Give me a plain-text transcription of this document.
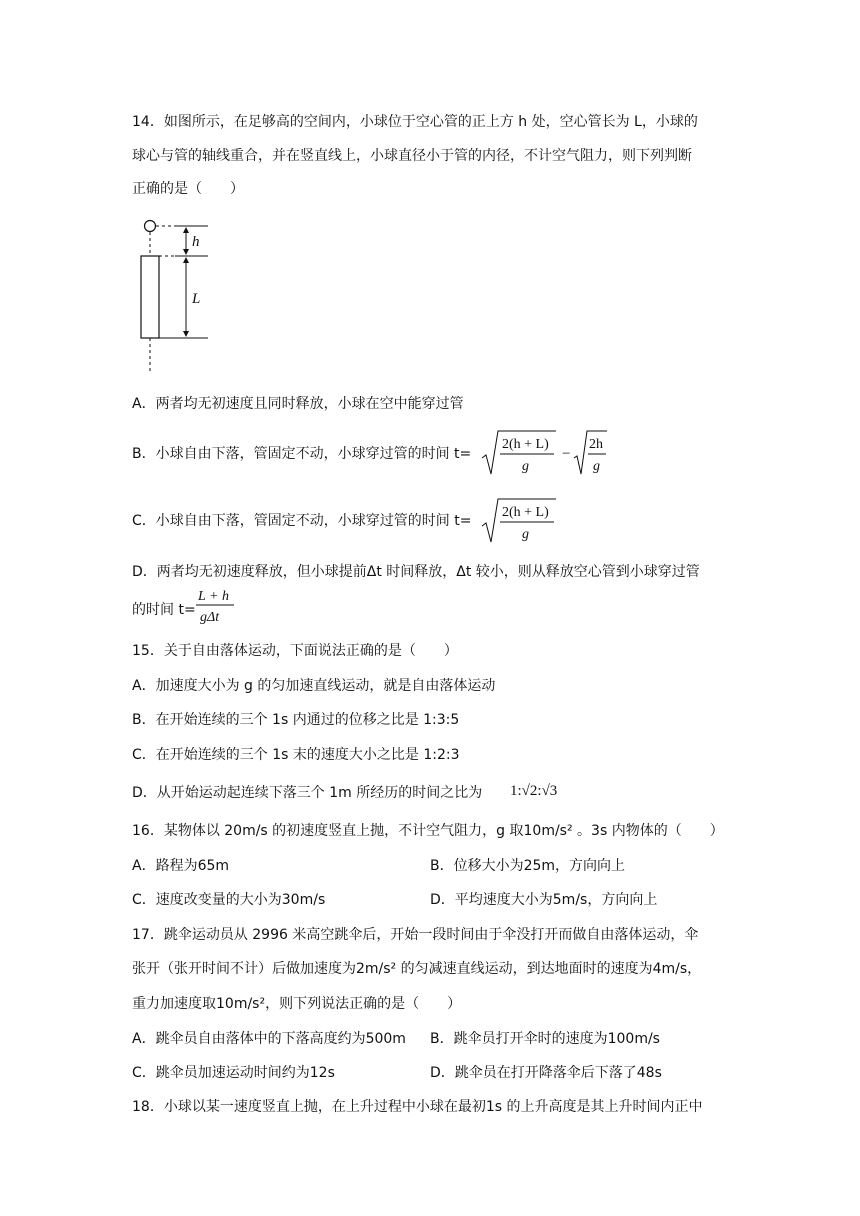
14．如图所示，在足够高的空间内，小球位于空心管的正上方 h 处，空心管长为 L，小球的
球心与管的轴线重合，并在竖直线上，小球直径小于管的内径，不计空气阻力，则下列判断
正确的是（　　）
h
L
A．两者均无初速度且同时释放，小球在空中能穿过管
B．小球自由下落，管固定不动，小球穿过管的时间 t=
2(h + L)
g
−
2h
g
C．小球自由下落，管固定不动，小球穿过管的时间 t=
2(h + L)
g
D．两者均无初速度释放，但小球提前Δt 时间释放，Δt 较小，则从释放空心管到小球穿过管
的时间 t=
L + h
gΔt
15．关于自由落体运动，下面说法正确的是（　　）
A．加速度大小为 g 的匀加速直线运动，就是自由落体运动
B．在开始连续的三个 1s 内通过的位移之比是 1:3:5
C．在开始连续的三个 1s 末的速度大小之比是 1:2:3
D．从开始运动起连续下落三个 1m 所经历的时间之比为 1:√2:√3
16．某物体以 20m/s 的初速度竖直上抛，不计空气阻力，g 取10m/s² 。3s 内物体的（　　）
A．路程为65m	B．位移大小为25m，方向向上
C．速度改变量的大小为30m/s	D．平均速度大小为5m/s，方向向上
17．跳伞运动员从 2996 米高空跳伞后，开始一段时间由于伞没打开而做自由落体运动，伞
张开（张开时间不计）后做加速度为2m/s² 的匀减速直线运动，到达地面时的速度为4m/s，
重力加速度取10m/s²，则下列说法正确的是（　　）
A．跳伞员自由落体中的下落高度约为500m B．跳伞员打开伞时的速度为100m/s
C．跳伞员加速运动时间约为12s	D．跳伞员在打开降落伞后下落了48s
18．小球以某一速度竖直上抛，在上升过程中小球在最初1s 的上升高度是其上升时间内正中
